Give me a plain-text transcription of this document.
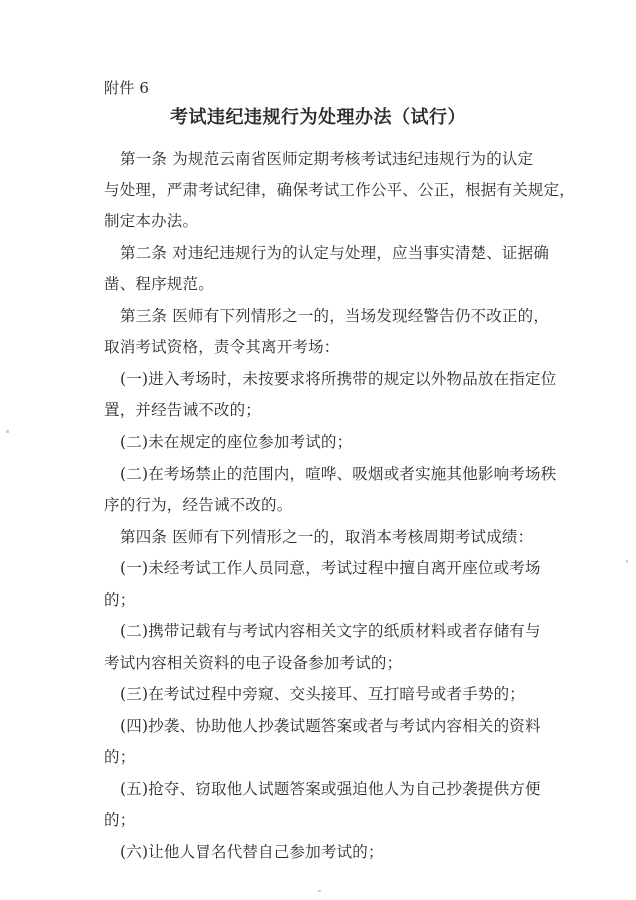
附件 6
考试违纪违规行为处理办法（试行）
第一条 为规范云南省医师定期考核考试违纪违规行为的认定
与处理，严肃考试纪律，确保考试工作公平、公正，根据有关规定，
制定本办法。
第二条 对违纪违规行为的认定与处理，应当事实清楚、证据确
凿、程序规范。
第三条 医师有下列情形之一的，当场发现经警告仍不改正的，
取消考试资格，责令其离开考场：
(一)进入考场时，未按要求将所携带的规定以外物品放在指定位
置，并经告诫不改的；
(二)未在规定的座位参加考试的；
(二)在考场禁止的范围内，喧哗、吸烟或者实施其他影响考场秩
序的行为，经告诫不改的。
第四条 医师有下列情形之一的，取消本考核周期考试成绩：
(一)未经考试工作人员同意，考试过程中擅自离开座位或考场
的；
(二)携带记载有与考试内容相关文字的纸质材料或者存储有与
考试内容相关资料的电子设备参加考试的；
(三)在考试过程中旁窥、交头接耳、互打暗号或者手势的；
(四)抄袭、协助他人抄袭试题答案或者与考试内容相关的资料
的；
(五)抢夺、窃取他人试题答案或强迫他人为自己抄袭提供方便
的；
(六)让他人冒名代替自己参加考试的；
